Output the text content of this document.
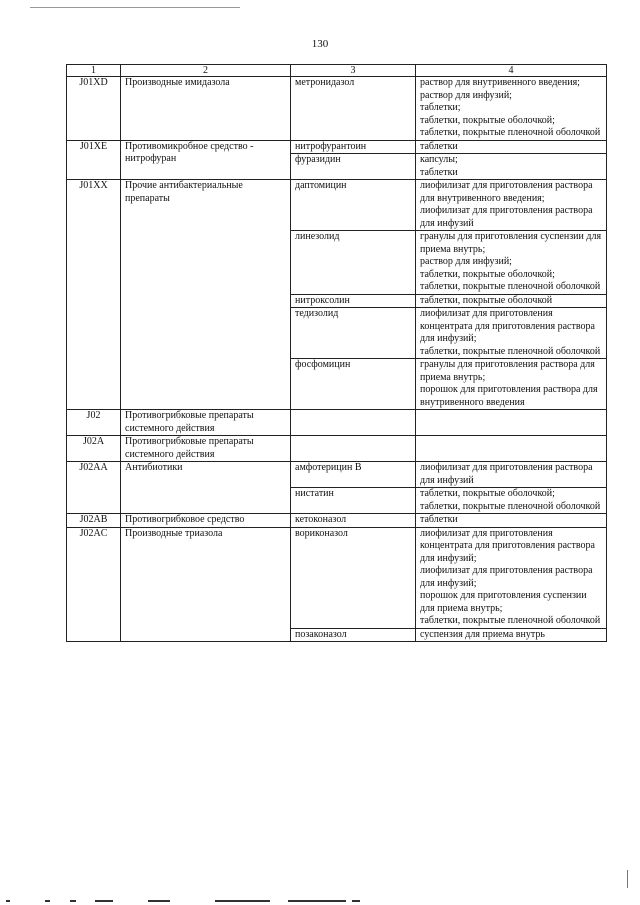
130
1	2	3	4
J01XD	Производные имидазола	метронидазол	раствор для внутривенного введения;
раствор для инфузий;
таблетки;
таблетки, покрытые оболочкой;
таблетки, покрытые пленочной оболочкой

J01XE	Противомикробное средство - нитрофуран	нитрофурантоин	таблетки

		фуразидин	капсулы;
таблетки

J01XX	Прочие антибактериальные препараты	даптомицин	лиофилизат для приготовления раствора для внутривенного введения;
лиофилизат для приготовления раствора для инфузий

		линезолид	гранулы для приготовления суспензии для приема внутрь;
раствор для инфузий;
таблетки, покрытые оболочкой;
таблетки, покрытые пленочной оболочкой

		нитроксолин	таблетки, покрытые оболочкой

		тедизолид	лиофилизат для приготовления концентрата для приготовления раствора для инфузий;
таблетки, покрытые пленочной оболочкой

		фосфомицин	гранулы для приготовления раствора для приема внутрь;
порошок для приготовления раствора для внутривенного введения

J02	Противогрибковые препараты системного действия		
J02A	Противогрибковые препараты системного действия		
J02AA	Антибиотики	амфотерицин В	лиофилизат для приготовления раствора для инфузий

		нистатин	таблетки, покрытые оболочкой;
таблетки, покрытые пленочной оболочкой

J02AB	Противогрибковое средство	кетоконазол	таблетки

J02AC	Производные триазола	вориконазол	лиофилизат для приготовления концентрата для приготовления раствора для инфузий;
лиофилизат для приготовления раствора для инфузий;
порошок для приготовления суспензии для приема внутрь;
таблетки, покрытые пленочной оболочкой

		позаконазол	суспензия для приема внутрь
